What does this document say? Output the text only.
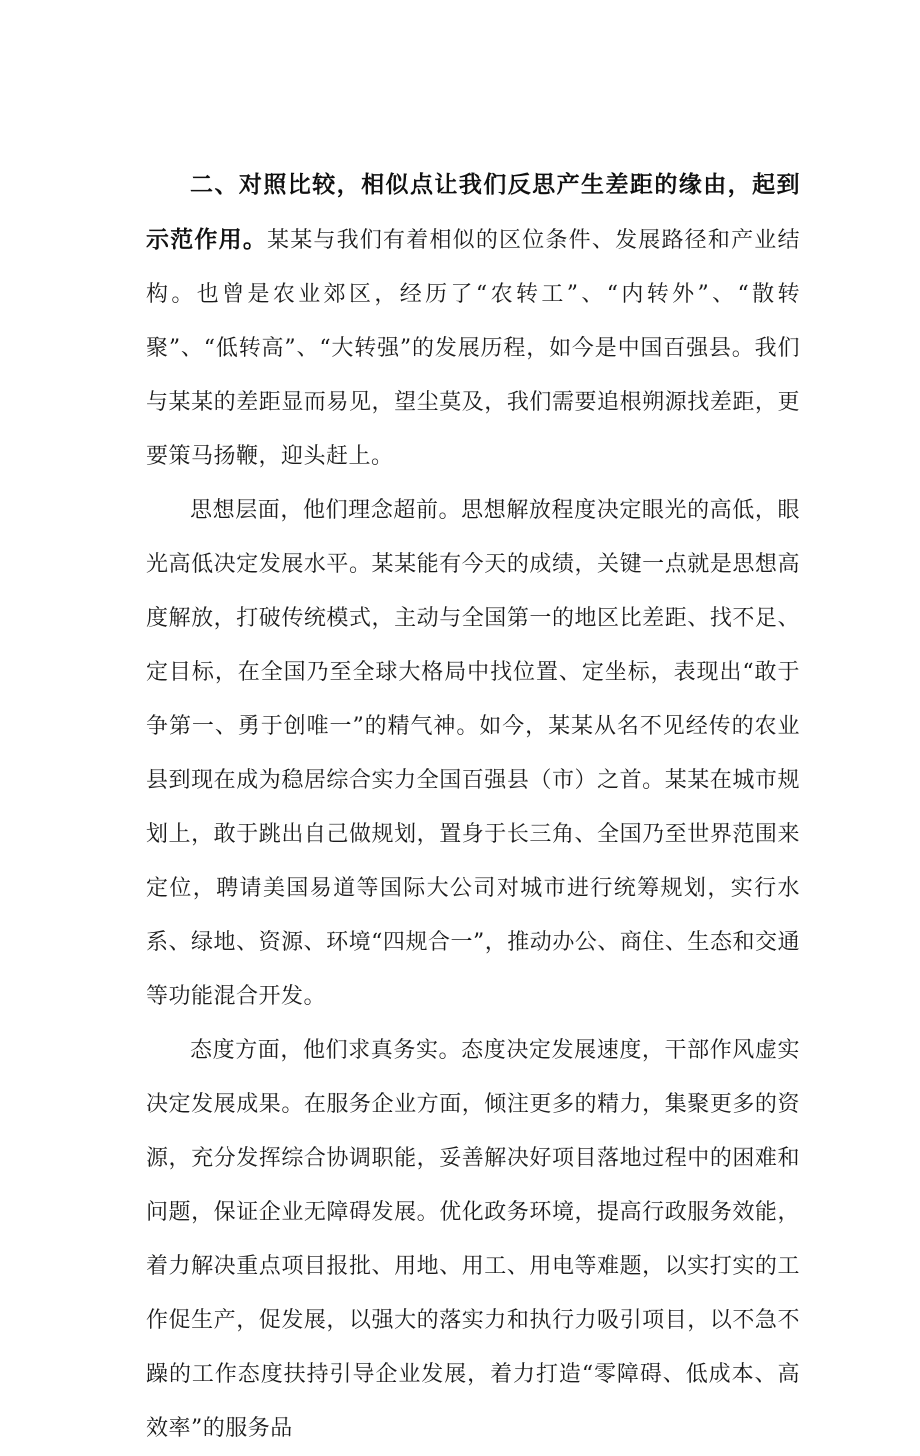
二、对照比较，相似点让我们反思产生差距的缘由，起到示范作用。某某与我们有着相似的区位条件、发展路径和产业结构。也曾是农业郊区，经历了“农转工”、“内转外”、“散转聚”、“低转高”、“大转强”的发展历程，如今是中国百强县。我们与某某的差距显而易见，望尘莫及，我们需要追根朔源找差距，更要策马扬鞭，迎头赶上。

思想层面，他们理念超前。思想解放程度决定眼光的高低，眼光高低决定发展水平。某某能有今天的成绩，关键一点就是思想高度解放，打破传统模式，主动与全国第一的地区比差距、找不足、定目标，在全国乃至全球大格局中找位置、定坐标，表现出“敢于争第一、勇于创唯一”的精气神。如今，某某从名不见经传的农业县到现在成为稳居综合实力全国百强县（市）之首。某某在城市规划上，敢于跳出自己做规划，置身于长三角、全国乃至世界范围来定位，聘请美国易道等国际大公司对城市进行统筹规划，实行水系、绿地、资源、环境“四规合一”，推动办公、商住、生态和交通等功能混合开发。

态度方面，他们求真务实。态度决定发展速度，干部作风虚实决定发展成果。在服务企业方面，倾注更多的精力，集聚更多的资源，充分发挥综合协调职能，妥善解决好项目落地过程中的困难和问题，保证企业无障碍发展。优化政务环境，提高行政服务效能，着力解决重点项目报批、用地、用工、用电等难题，以实打实的工作促生产，促发展，以强大的落实力和执行力吸引项目，以不急不躁的工作态度扶持引导企业发展，着力打造“零障碍、低成本、高效率”的服务品
